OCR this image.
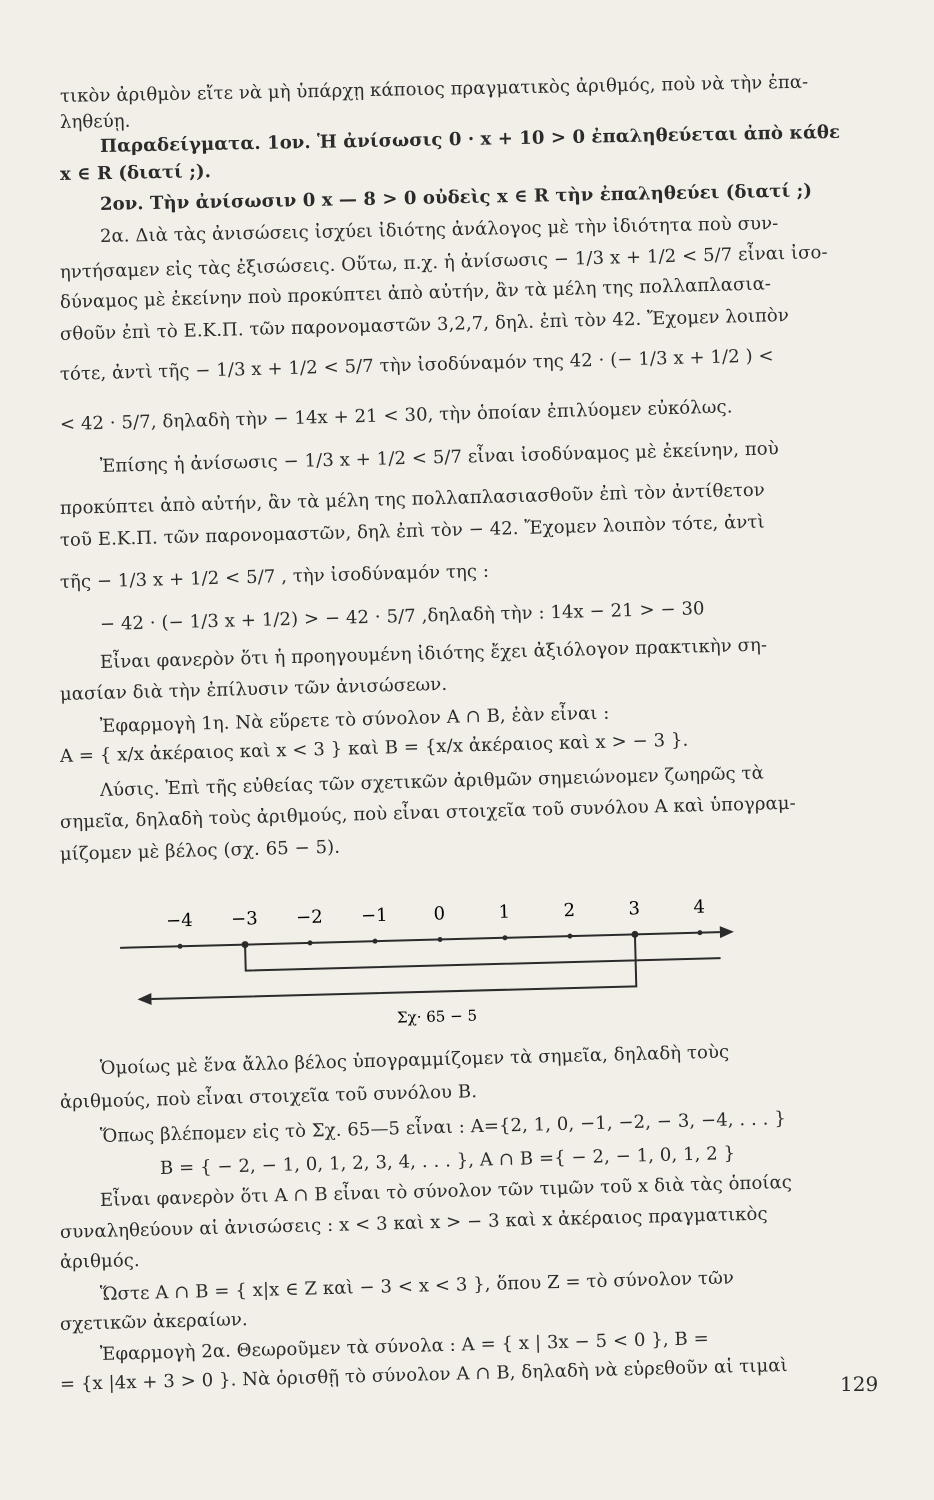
τικὸν ἀριθμὸν εἴτε νὰ μὴ ὑπάρχῃ κάποιος πραγματικὸς ἀριθμός, ποὺ νὰ τὴν ἐπα-
ληθεύῃ.
Παραδείγματα. 1ον. Ἡ ἀνίσωσις 0 · x + 10 > 0 ἐπαληθεύεται ἀπὸ κάθε
x ∈ R (διατί ;).
2ον. Τὴν ἀνίσωσιν 0 x — 8 > 0 οὐδεὶς x ∈ R τὴν ἐπαληθεύει (διατί ;)
2α. Διὰ τὰς ἀνισώσεις ἰσχύει ἰδιότης ἀνάλογος μὲ τὴν ἰδιότητα ποὺ συν-
ηντήσαμεν εἰς τὰς ἐξισώσεις. Οὕτω, π.χ. ἡ ἀνίσωσις − 1/3 x + 1/2 < 5/7 εἶναι ἰσο-
δύναμος μὲ ἐκείνην ποὺ προκύπτει ἀπὸ αὐτήν, ἂν τὰ μέλη της πολλαπλασια-
σθοῦν ἐπὶ τὸ Ε.Κ.Π. τῶν παρονομαστῶν 3,2,7, δηλ. ἐπὶ τὸν 42. Ἔχομεν λοιπὸν
τότε, ἀντὶ τῆς − 1/3 x + 1/2 < 5/7 τὴν ἰσοδύναμόν της 42 · (− 1/3 x + 1/2 ) <
< 42 · 5/7, δηλαδὴ τὴν − 14x + 21 < 30, τὴν ὁποίαν ἐπιλύομεν εὐκόλως.
Ἐπίσης ἡ ἀνίσωσις − 1/3 x + 1/2 < 5/7 εἶναι ἰσοδύναμος μὲ ἐκείνην, ποὺ
προκύπτει ἀπὸ αὐτήν, ἂν τὰ μέλη της πολλαπλασιασθοῦν ἐπὶ τὸν ἀντίθετον
τοῦ Ε.Κ.Π. τῶν παρονομαστῶν, δηλ ἐπὶ τὸν − 42. Ἔχομεν λοιπὸν τότε, ἀντὶ
τῆς − 1/3 x + 1/2 < 5/7 , τὴν ἰσοδύναμόν της :
− 42 · (− 1/3 x + 1/2) > − 42 · 5/7 ,δηλαδὴ τὴν : 14x − 21 > − 30
Εἶναι φανερὸν ὅτι ἡ προηγουμένη ἰδιότης ἔχει ἀξιόλογον πρακτικὴν ση-
μασίαν διὰ τὴν ἐπίλυσιν τῶν ἀνισώσεων.
Ἐφαρμογὴ 1η. Νὰ εὕρετε τὸ σύνολον A ∩ B, ἐὰν εἶναι :
A = { x/x ἀκέραιος καὶ x < 3 } καὶ B = {x/x ἀκέραιος καὶ x > − 3 }.
Λύσις. Ἐπὶ τῆς εὐθείας τῶν σχετικῶν ἀριθμῶν σημειώνομεν ζωηρῶς τὰ
σημεῖα, δηλαδὴ τοὺς ἀριθμούς, ποὺ εἶναι στοιχεῖα τοῦ συνόλου A καὶ ὑπογραμ-
μίζομεν μὲ βέλος (σχ. 65 − 5).
−4 −3 −2 −1	0	1	2	3	4
Σχ· 65 − 5
Ὁμοίως μὲ ἕνα ἄλλο βέλος ὑπογραμμίζομεν τὰ σημεῖα, δηλαδὴ τοὺς
ἀριθμούς, ποὺ εἶναι στοιχεῖα τοῦ συνόλου B.
Ὅπως βλέπομεν εἰς τὸ Σχ. 65—5 εἶναι : A={2, 1, 0, −1, −2, − 3, −4, . . . }
B = { − 2, − 1, 0, 1, 2, 3, 4, . . . }, A ∩ B ={ − 2, − 1, 0, 1, 2 }
Εἶναι φανερὸν ὅτι A ∩ B εἶναι τὸ σύνολον τῶν τιμῶν τοῦ x διὰ τὰς ὁποίας
συναληθεύουν αἱ ἀνισώσεις : x < 3 καὶ x > − 3 καὶ x ἀκέραιος πραγματικὸς
ἀριθμός.
Ὥστε A ∩ B = { x|x ∈ Z καὶ − 3 < x < 3 }, ὅπου Z = τὸ σύνολον τῶν
σχετικῶν ἀκεραίων.
Ἐφαρμογὴ 2α. Θεωροῦμεν τὰ σύνολα : A = { x | 3x − 5 < 0 }, B =
= {x |4x + 3 > 0 }. Νὰ ὁρισθῇ τὸ σύνολον A ∩ B, δηλαδὴ νὰ εὑρεθοῦν αἱ τιμαὶ	129
